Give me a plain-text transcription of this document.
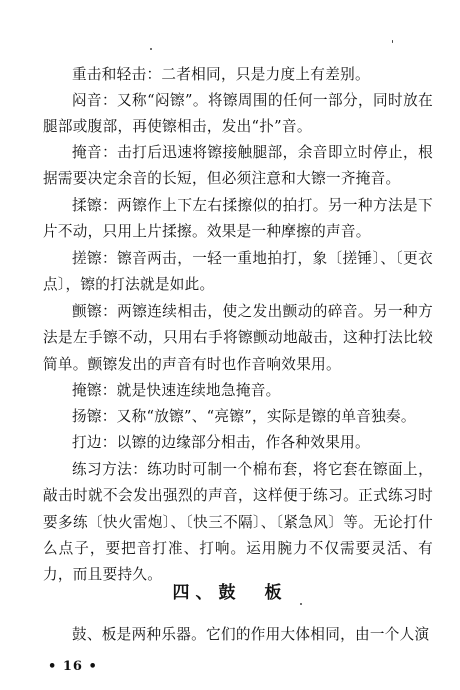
重击和轻击：二者相同，只是力度上有差别。

闷音：又称“闷镲”。将镲周围的任何一部分，同时放在腿部或腹部，再使镲相击，发出“扑”音。

掩音：击打后迅速将镲接触腿部，余音即立时停止，根据需要决定余音的长短，但必须注意和大镲一齐掩音。

揉镲：两镲作上下左右揉擦似的拍打。另一种方法是下片不动，只用上片揉擦。效果是一种摩擦的声音。

搓镲：镲音两击，一轻一重地拍打，象〔搓锤〕、〔更衣点〕，镲的打法就是如此。

颤镲：两镲连续相击，使之发出颤动的碎音。另一种方法是左手镲不动，只用右手将镲颤动地敲击，这种打法比较简单。颤镲发出的声音有时也作音响效果用。

掩镲：就是快速连续地急掩音。

扬镲：又称“放镲”、“亮镲”，实际是镲的单音独奏。

打边：以镲的边缘部分相击，作各种效果用。

练习方法：练功时可制一个棉布套，将它套在镲面上，敲击时就不会发出强烈的声音，这样便于练习。正式练习时要多练〔快火雷炮〕、〔快三不隔〕、〔紧急风〕等。无论打什么点子，要把音打准、打响。运用腕力不仅需要灵活、有力，而且要持久。

四、鼓　板

鼓、板是两种乐器。它们的作用大体相同，由一个人演

• 16 •
